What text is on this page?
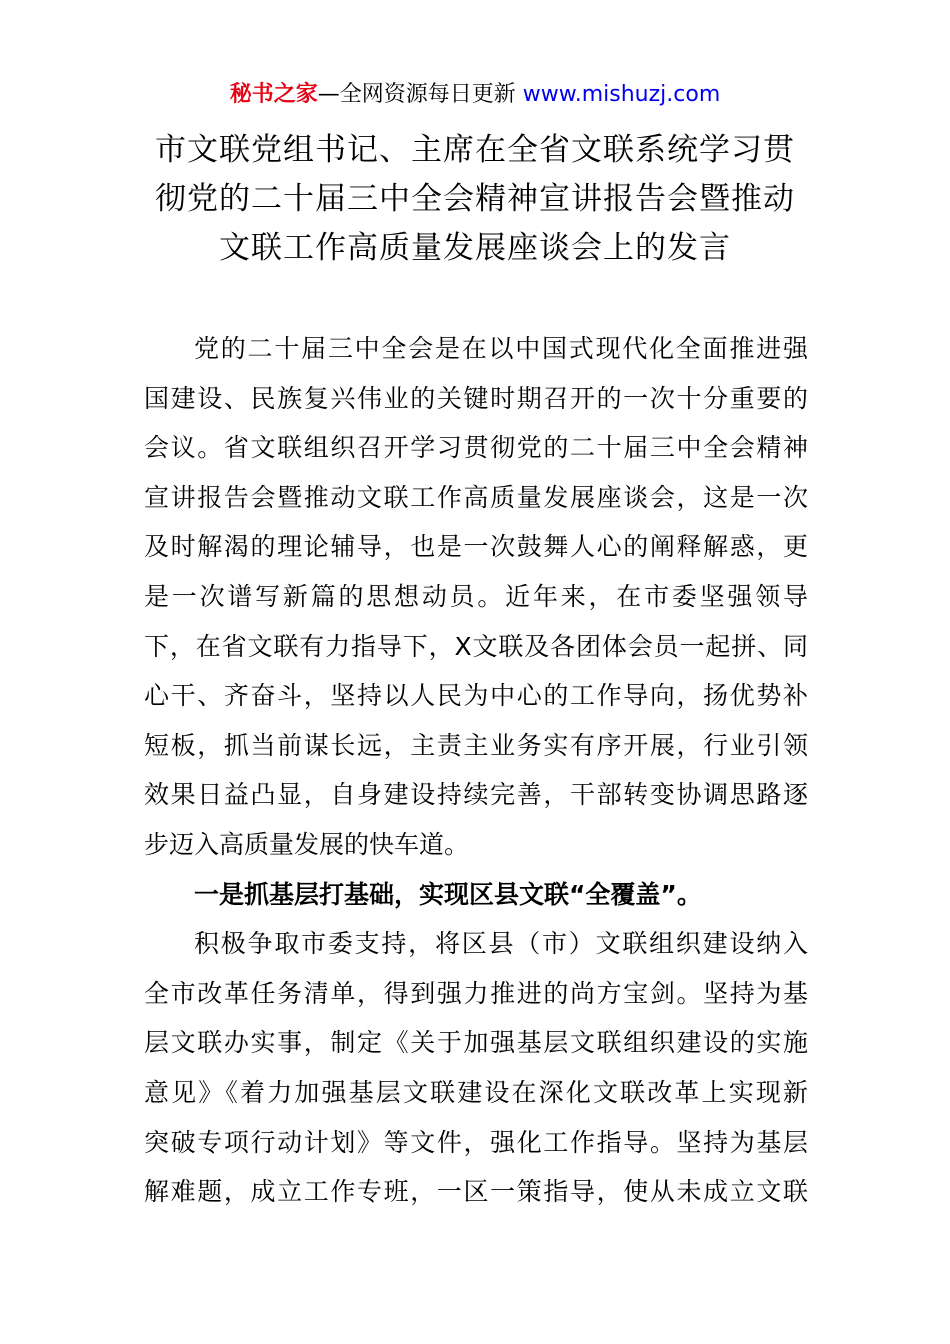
秘书之家—全网资源每日更新 www.mishuzj.com
市文联党组书记、主席在全省文联系统学习贯
彻党的二十届三中全会精神宣讲报告会暨推动
文联工作高质量发展座谈会上的发言
党的二十届三中全会是在以中国式现代化全面推进强
国建设、民族复兴伟业的关键时期召开的一次十分重要的
会议。省文联组织召开学习贯彻党的二十届三中全会精神
宣讲报告会暨推动文联工作高质量发展座谈会，这是一次
及时解渴的理论辅导，也是一次鼓舞人心的阐释解惑，更
是一次谱写新篇的思想动员。近年来，在市委坚强领导
下，在省文联有力指导下，X文联及各团体会员一起拼、同
心干、齐奋斗，坚持以人民为中心的工作导向，扬优势补
短板，抓当前谋长远，主责主业务实有序开展，行业引领
效果日益凸显，自身建设持续完善，干部转变协调思路逐
步迈入高质量发展的快车道。
一是抓基层打基础，实现区县文联“全覆盖”。
积极争取市委支持，将区县（市）文联组织建设纳入
全市改革任务清单，得到强力推进的尚方宝剑。坚持为基
层文联办实事，制定《关于加强基层文联组织建设的实施
意见》《着力加强基层文联建设在深化文联改革上实现新
突破专项行动计划》等文件，强化工作指导。坚持为基层
解难题，成立工作专班，一区一策指导，使从未成立文联
